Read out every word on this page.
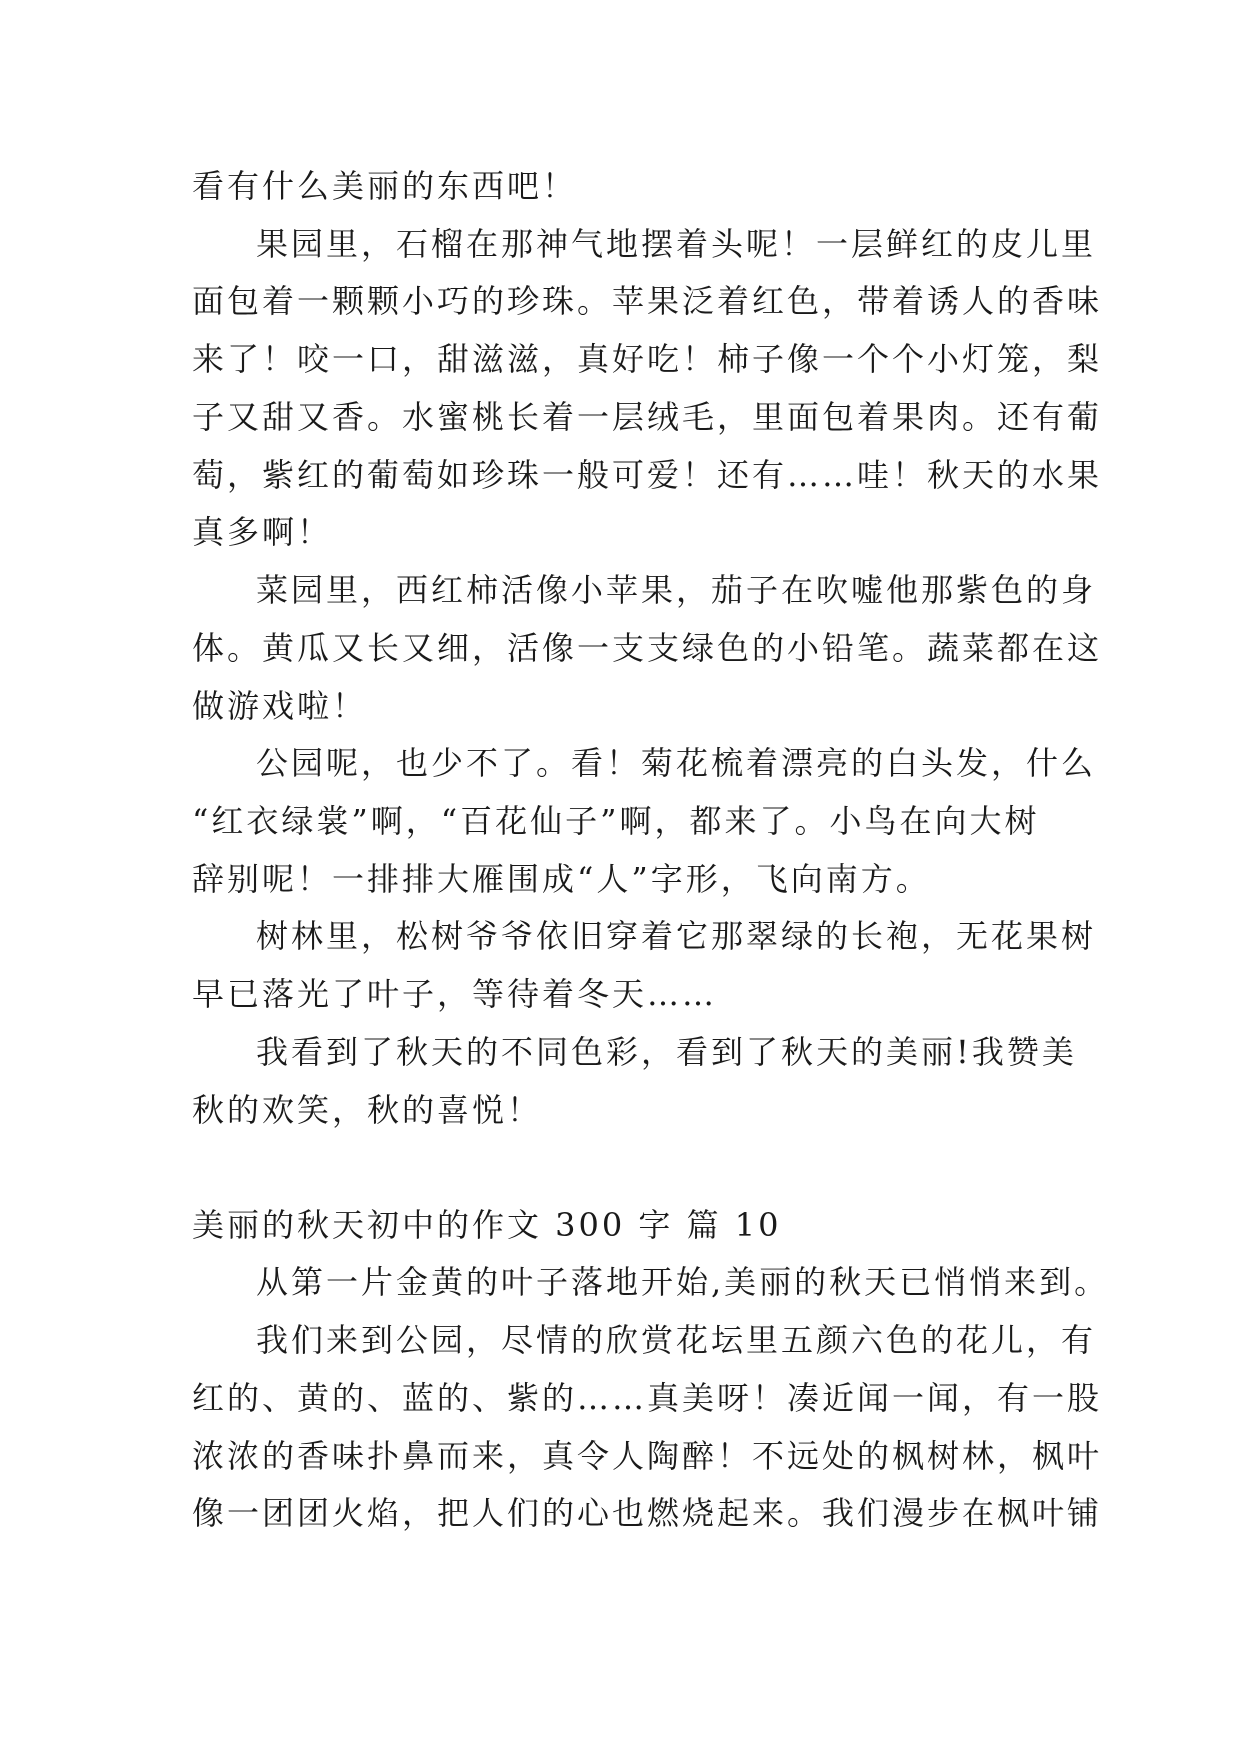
看有什么美丽的东西吧！

果园里，石榴在那神气地摆着头呢！一层鲜红的皮儿里

面包着一颗颗小巧的珍珠。苹果泛着红色，带着诱人的香味

来了！咬一口，甜滋滋，真好吃！柿子像一个个小灯笼，梨

子又甜又香。水蜜桃长着一层绒毛，里面包着果肉。还有葡

萄，紫红的葡萄如珍珠一般可爱！还有……哇！秋天的水果

真多啊！

菜园里，西红柿活像小苹果，茄子在吹嘘他那紫色的身

体。黄瓜又长又细，活像一支支绿色的小铅笔。蔬菜都在这

做游戏啦！

公园呢，也少不了。看！菊花梳着漂亮的白头发，什么

“红衣绿裳”啊，“百花仙子”啊，都来了。小鸟在向大树

辞别呢！一排排大雁围成“人”字形，飞向南方。

树林里，松树爷爷依旧穿着它那翠绿的长袍，无花果树

早已落光了叶子，等待着冬天……

我看到了秋天的不同色彩，看到了秋天的美丽!我赞美

秋的欢笑，秋的喜悦！

美丽的秋天初中的作文 300 字 篇 10

从第一片金黄的叶子落地开始,美丽的秋天已悄悄来到。

我们来到公园，尽情的欣赏花坛里五颜六色的花儿，有

红的、黄的、蓝的、紫的……真美呀！凑近闻一闻，有一股

浓浓的香味扑鼻而来，真令人陶醉！不远处的枫树林，枫叶

像一团团火焰，把人们的心也燃烧起来。我们漫步在枫叶铺
